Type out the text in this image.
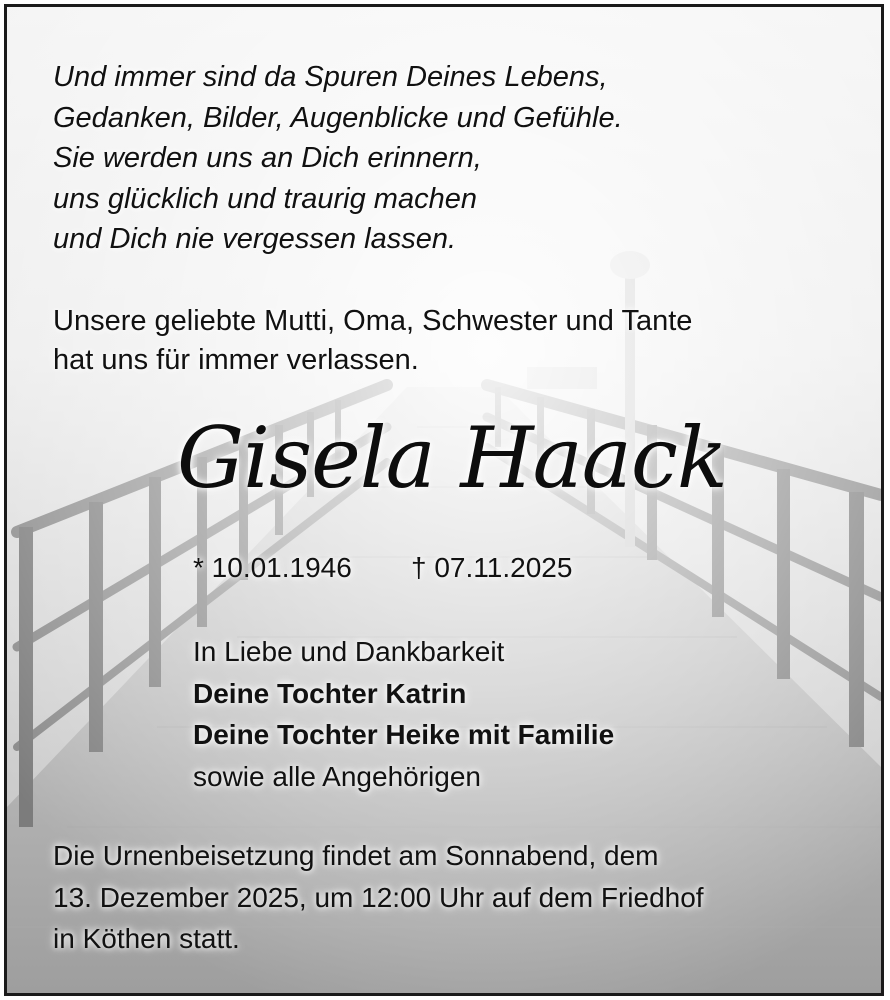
Und immer sind da Spuren Deines Lebens,
Gedanken, Bilder, Augenblicke und Gefühle.
Sie werden uns an Dich erinnern,
uns glücklich und traurig machen
und Dich nie vergessen lassen.
Unsere geliebte Mutti, Oma, Schwester und Tante
hat uns für immer verlassen.
Gisela Haack
* 10.01.1946 † 07.11.2025
In Liebe und Dankbarkeit
Deine Tochter Katrin
Deine Tochter Heike mit Familie
sowie alle Angehörigen
Die Urnenbeisetzung findet am Sonnabend, dem
13. Dezember 2025, um 12:00 Uhr auf dem Friedhof
in Köthen statt.
